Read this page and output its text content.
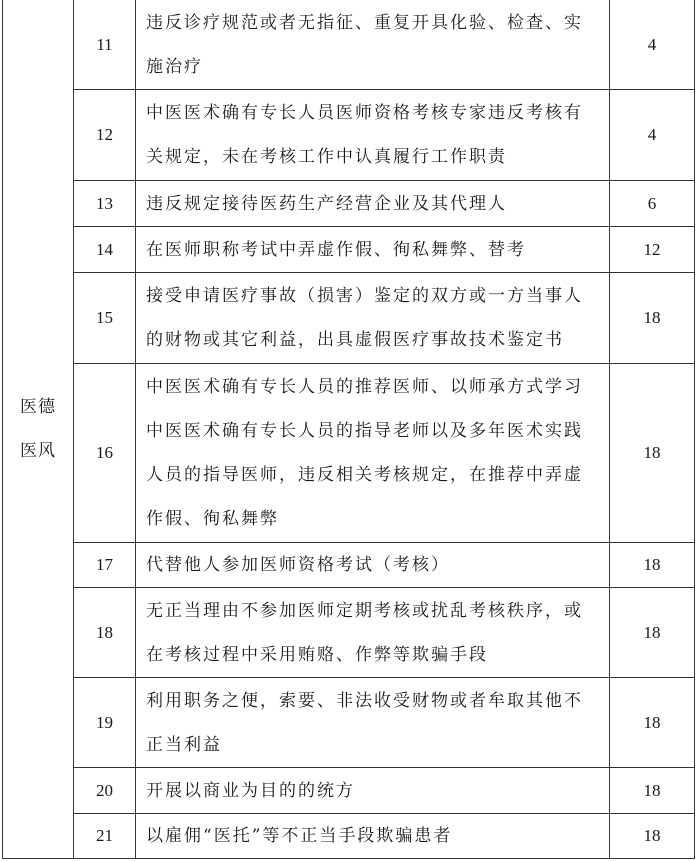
医德
医风	11	违反诊疗规范或者无指征、重复开具化验、检查、实施治疗	4
	12	中医医术确有专长人员医师资格考核专家违反考核有关规定，未在考核工作中认真履行工作职责	4
	13	违反规定接待医药生产经营企业及其代理人	6
	14	在医师职称考试中弄虚作假、徇私舞弊、替考	12
	15	接受申请医疗事故（损害）鉴定的双方或一方当事人的财物或其它利益，出具虚假医疗事故技术鉴定书	18
	16	中医医术确有专长人员的推荐医师、以师承方式学习中医医术确有专长人员的指导老师以及多年医术实践人员的指导医师，违反相关考核规定，在推荐中弄虚作假、徇私舞弊	18
	17	代替他人参加医师资格考试（考核）	18
	18	无正当理由不参加医师定期考核或扰乱考核秩序，或在考核过程中采用贿赂、作弊等欺骗手段	18
	19	利用职务之便，索要、非法收受财物或者牟取其他不正当利益	18
	20	开展以商业为目的的统方	18
	21	以雇佣“医托”等不正当手段欺骗患者	18
